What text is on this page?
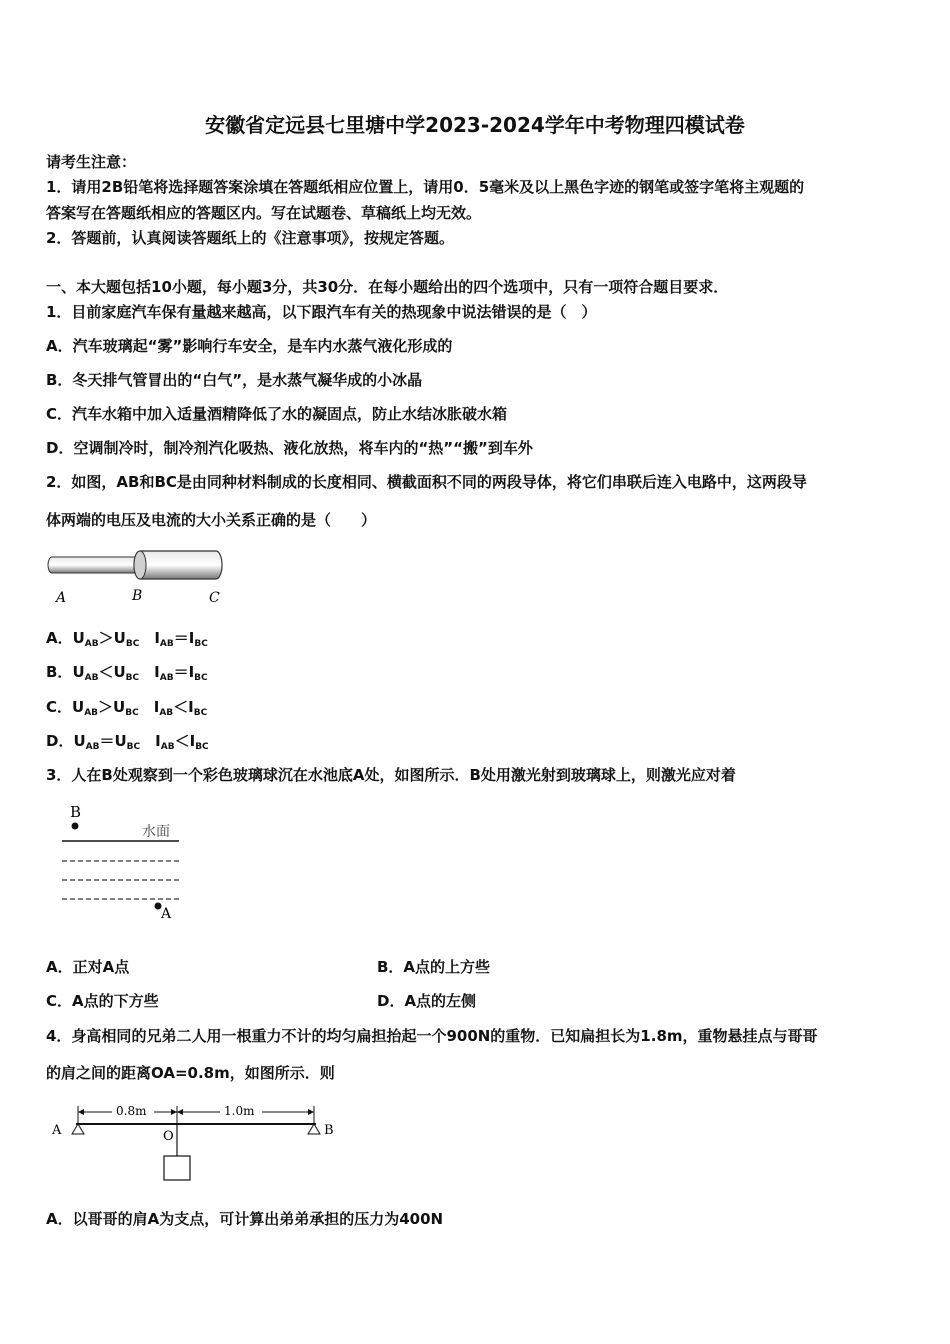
安徽省定远县七里塘中学2023-2024学年中考物理四模试卷
请考生注意：
1．请用2B铅笔将选择题答案涂填在答题纸相应位置上，请用0．5毫米及以上黑色字迹的钢笔或签字笔将主观题的
答案写在答题纸相应的答题区内。写在试题卷、草稿纸上均无效。
2．答题前，认真阅读答题纸上的《注意事项》，按规定答题。
一、本大题包括10小题，每小题3分，共30分．在每小题给出的四个选项中，只有一项符合题目要求．
1．目前家庭汽车保有量越来越高，以下跟汽车有关的热现象中说法错误的是（　）
A．汽车玻璃起“雾”影响行车安全，是车内水蒸气液化形成的
B．冬天排气管冒出的“白气”，是水蒸气凝华成的小冰晶
C．汽车水箱中加入适量酒精降低了水的凝固点，防止水结冰胀破水箱
D．空调制冷时，制冷剂汽化吸热、液化放热，将车内的“热”“搬”到车外
2．如图，AB和BC是由同种材料制成的长度相同、横截面积不同的两段导体，将它们串联后连入电路中，这两段导
体两端的电压及电流的大小关系正确的是（　　）
A	B	C
A．$U_{AB}>U_{BC}$　 $I_{AB}=I_{BC}$
B．$U_{AB}<U_{BC}$　 $I_{AB}=I_{BC}$
C．$U_{AB}>U_{BC}$　 $I_{AB}<I_{BC}$
D．$U_{AB}=U_{BC}$　 $I_{AB}<I_{BC}$
3．人在B处观察到一个彩色玻璃球沉在水池底A处，如图所示．B处用激光射到玻璃球上，则激光应对着
B
水面
A
A．正对A点	B．A点的上方些
C．A点的下方些	D．A点的左侧
4．身高相同的兄弟二人用一根重力不计的均匀扁担抬起一个900N的重物．已知扁担长为1.8m，重物悬挂点与哥哥
的肩之间的距离OA=0.8m，如图所示．则
0.8m	1.0m
A	B
O
A．以哥哥的肩A为支点，可计算出弟弟承担的压力为400N
